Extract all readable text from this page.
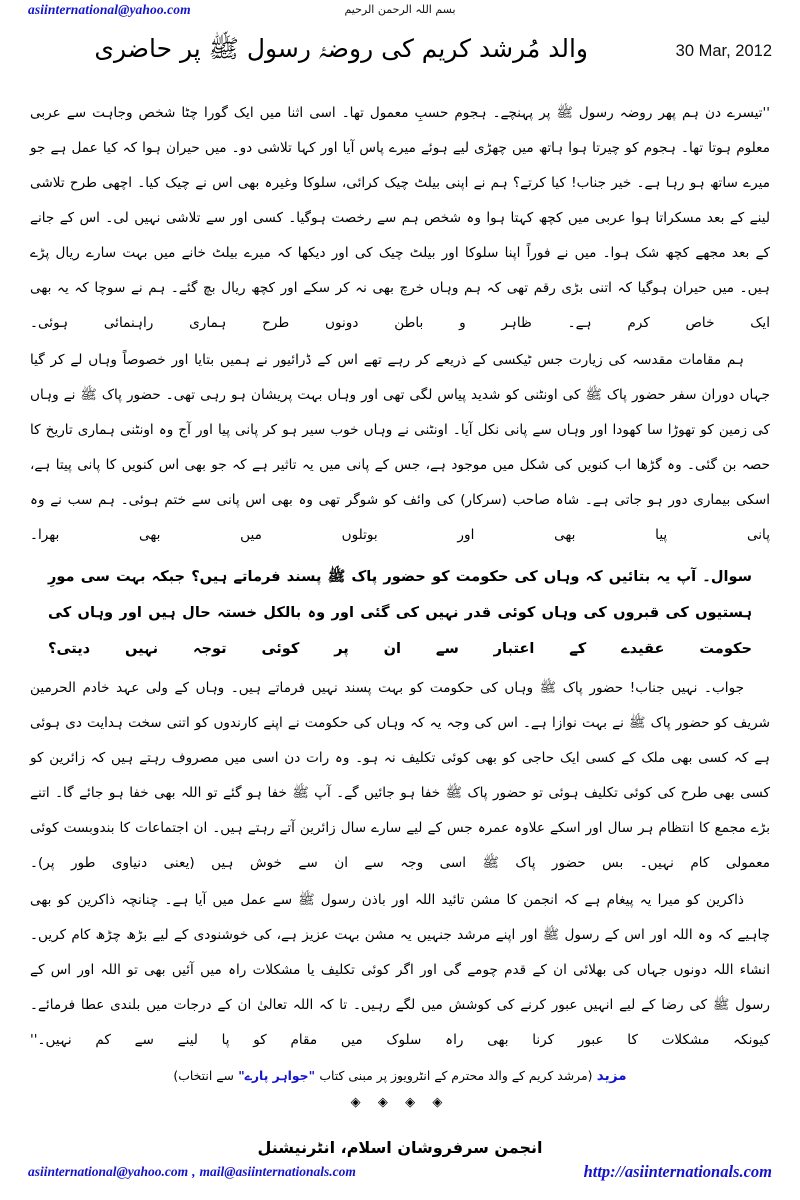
asiinternational@yahoo.com	بسم اللہ الرحمن الرحیم
30 Mar, 2012
والد مُرشد کریم کی روضۂ رسول ﷺ پر حاضری

''تیسرے دن ہم پھر روضہ رسول ﷺ پر پہنچے۔ ہجوم حسبِ معمول تھا۔ اسی اثنا میں ایک گورا چٹا شخص وجاہت سے عربی معلوم ہوتا تھا۔ ہجوم کو چیرتا ہوا ہاتھ میں چھڑی لیے ہوئے میرے پاس آیا اور کہا تلاشی دو۔ میں حیران ہوا کہ کیا عمل ہے جو میرے ساتھ ہو رہا ہے۔ خیر جناب! کیا کرتے؟ ہم نے اپنی بیلٹ چیک کرائی، سلوکا وغیرہ بھی اس نے چیک کیا۔ اچھی طرح تلاشی لینے کے بعد مسکراتا ہوا عربی میں کچھ کہتا ہوا وہ شخص ہم سے رخصت ہوگیا۔ کسی اور سے تلاشی نہیں لی۔ اس کے جانے کے بعد مجھے کچھ شک ہوا۔ میں نے فوراً اپنا سلوکا اور بیلٹ چیک کی اور دیکھا کہ میرے بیلٹ خانے میں بہت سارے ریال پڑے ہیں۔ میں حیران ہوگیا کہ اتنی بڑی رقم تھی کہ ہم وہاں خرچ بھی نہ کر سکے اور کچھ ریال بچ گئے۔ ہم نے سوچا کہ یہ بھی ایک خاص کرم ہے۔ ظاہر و باطن دونوں طرح ہماری راہنمائی ہوئی۔

ہم مقامات مقدسہ کی زیارت جس ٹیکسی کے ذریعے کر رہے تھے اس کے ڈرائیور نے ہمیں بتایا اور خصوصاً وہاں لے کر گیا جہاں دوران سفر حضور پاک ﷺ کی اونٹنی کو شدید پیاس لگی تھی اور وہاں بہت پریشان ہو رہی تھی۔ حضور پاک ﷺ نے وہاں کی زمین کو تھوڑا سا کھودا اور وہاں سے پانی نکل آیا۔ اونٹنی نے وہاں خوب سیر ہو کر پانی پیا اور آج وہ اونٹنی ہماری تاریخ کا حصہ بن گئی۔ وہ گڑھا اب کنویں کی شکل میں موجود ہے، جس کے پانی میں یہ تاثیر ہے کہ جو بھی اس کنویں کا پانی پیتا ہے، اسکی بیماری دور ہو جاتی ہے۔ شاہ صاحب (سرکار) کی وائف کو شوگر تھی وہ بھی اس پانی سے ختم ہوئی۔ ہم سب نے وہ پانی پیا بھی اور بوتلوں میں بھی بھرا۔

سوال۔ آپ یہ بتائیں کہ وہاں کی حکومت کو حضور پاک ﷺ پسند فرماتے ہیں؟ جبکہ بہت سی مورِ ہستیوں کی قبروں کی وہاں کوئی قدر نہیں کی گئی اور وہ بالکل خستہ حال ہیں اور وہاں کی حکومت عقیدے کے اعتبار سے ان پر کوئی توجہ نہیں دیتی؟

جواب۔ نہیں جناب! حضور پاک ﷺ وہاں کی حکومت کو بہت پسند نہیں فرماتے ہیں۔ وہاں کے ولی عہد خادم الحرمین شریف کو حضور پاک ﷺ نے بہت نوازا ہے۔ اس کی وجہ یہ کہ وہاں کی حکومت نے اپنے کارندوں کو اتنی سخت ہدایت دی ہوئی ہے کہ کسی بھی ملک کے کسی ایک حاجی کو بھی کوئی تکلیف نہ ہو۔ وہ رات دن اسی میں مصروف رہتے ہیں کہ زائرین کو کسی بھی طرح کی کوئی تکلیف ہوئی تو حضور پاک ﷺ خفا ہو جائیں گے۔ آپ ﷺ خفا ہو گئے تو اللہ بھی خفا ہو جائے گا۔ اتنے بڑے مجمع کا انتظام ہر سال اور اسکے علاوہ عمرہ جس کے لیے سارے سال زائرین آتے رہتے ہیں۔ ان اجتماعات کا بندوبست کوئی معمولی کام نہیں۔ بس حضور پاک ﷺ اسی وجہ سے ان سے خوش ہیں (یعنی دنیاوی طور پر)۔

ذاکرین کو میرا یہ پیغام ہے کہ انجمن کا مشن تائید اللہ اور باذن رسول ﷺ سے عمل میں آیا ہے۔ چنانچہ ذاکرین کو بھی چاہیے کہ وہ اللہ اور اس کے رسول ﷺ اور اپنے مرشد جنہیں یہ مشن بہت عزیز ہے، کی خوشنودی کے لیے بڑھ چڑھ کام کریں۔ انشاء اللہ دونوں جہاں کی بھلائی ان کے قدم چومے گی اور اگر کوئی تکلیف یا مشکلات راہ میں آئیں بھی تو اللہ اور اس کے رسول ﷺ کی رضا کے لیے انہیں عبور کرنے کی کوشش میں لگے رہیں۔ تا کہ اللہ تعالیٰ ان کے درجات میں بلندی عطا فرمائے۔ کیونکہ مشکلات کا عبور کرنا بھی راہ سلوک میں مقام کو پا لینے سے کم نہیں۔''

مزید (مرشد کریم کے والد محترم کے انٹرویوز پر مبنی کتاب "جواہر پارے" سے انتخاب)
◈ ◈ ◈ ◈
انجمن سرفروشان اسلام، انٹرنیشنل
asiinternational@yahoo.com , mail@asiinternationals.com	http://asiinternationals.com
